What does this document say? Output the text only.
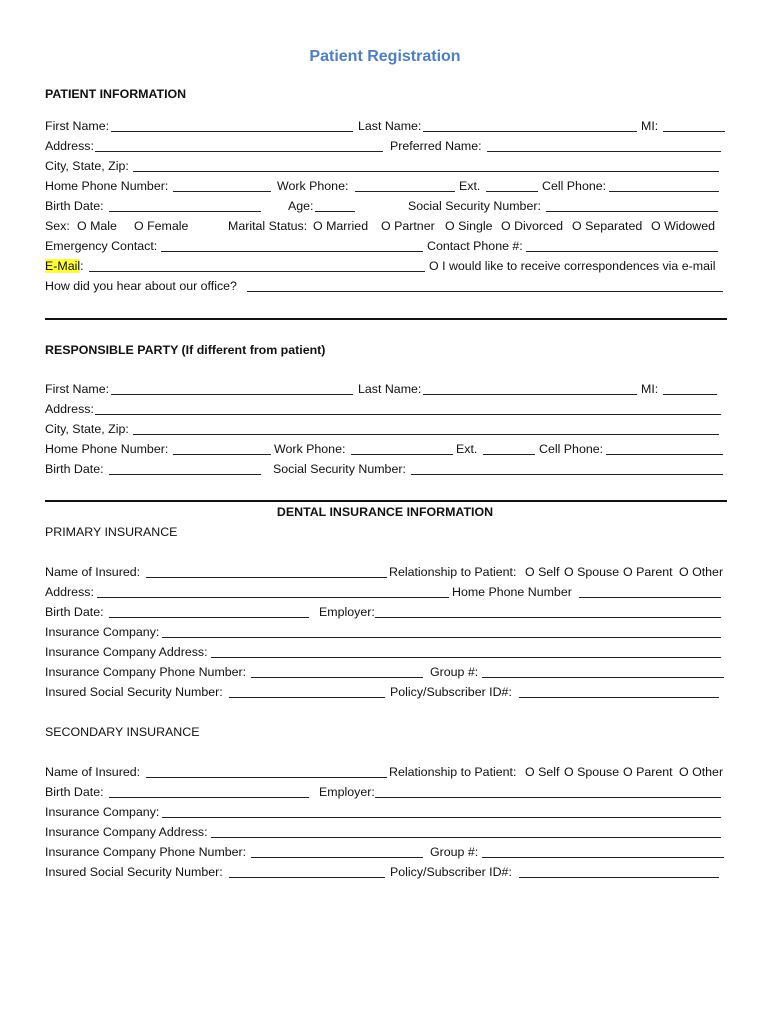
Patient Registration
PATIENT INFORMATION
First Name:	Last Name:	MI:
Address:	Preferred Name:
City, State, Zip:
Home Phone Number:	Work Phone:	Ext.	Cell Phone:
Birth Date:	Age:	Social Security Number:
Sex: O Male O Female	Marital Status: O Married O Partner O Single O Divorced O Separated O Widowed
Emergency Contact:	Contact Phone #:
E-Mail:	O I would like to receive correspondences via e-mail
How did you hear about our office?
RESPONSIBLE PARTY (If different from patient)
First Name:	Last Name:	MI:
Address:
City, State, Zip:
Home Phone Number:	Work Phone:	Ext.	Cell Phone:
Birth Date:	Social Security Number:
DENTAL INSURANCE INFORMATION
PRIMARY INSURANCE
Name of Insured:	Relationship to Patient: O Self O Spouse O Parent O Other
Address:	Home Phone Number
Birth Date:	Employer:
Insurance Company:
Insurance Company Address:
Insurance Company Phone Number:	Group #:
Insured Social Security Number:	Policy/Subscriber ID#:
SECONDARY INSURANCE
Name of Insured:	Relationship to Patient: O Self O Spouse O Parent O Other
Birth Date:	Employer:
Insurance Company:
Insurance Company Address:
Insurance Company Phone Number:	Group #:
Insured Social Security Number:	Policy/Subscriber ID#:
